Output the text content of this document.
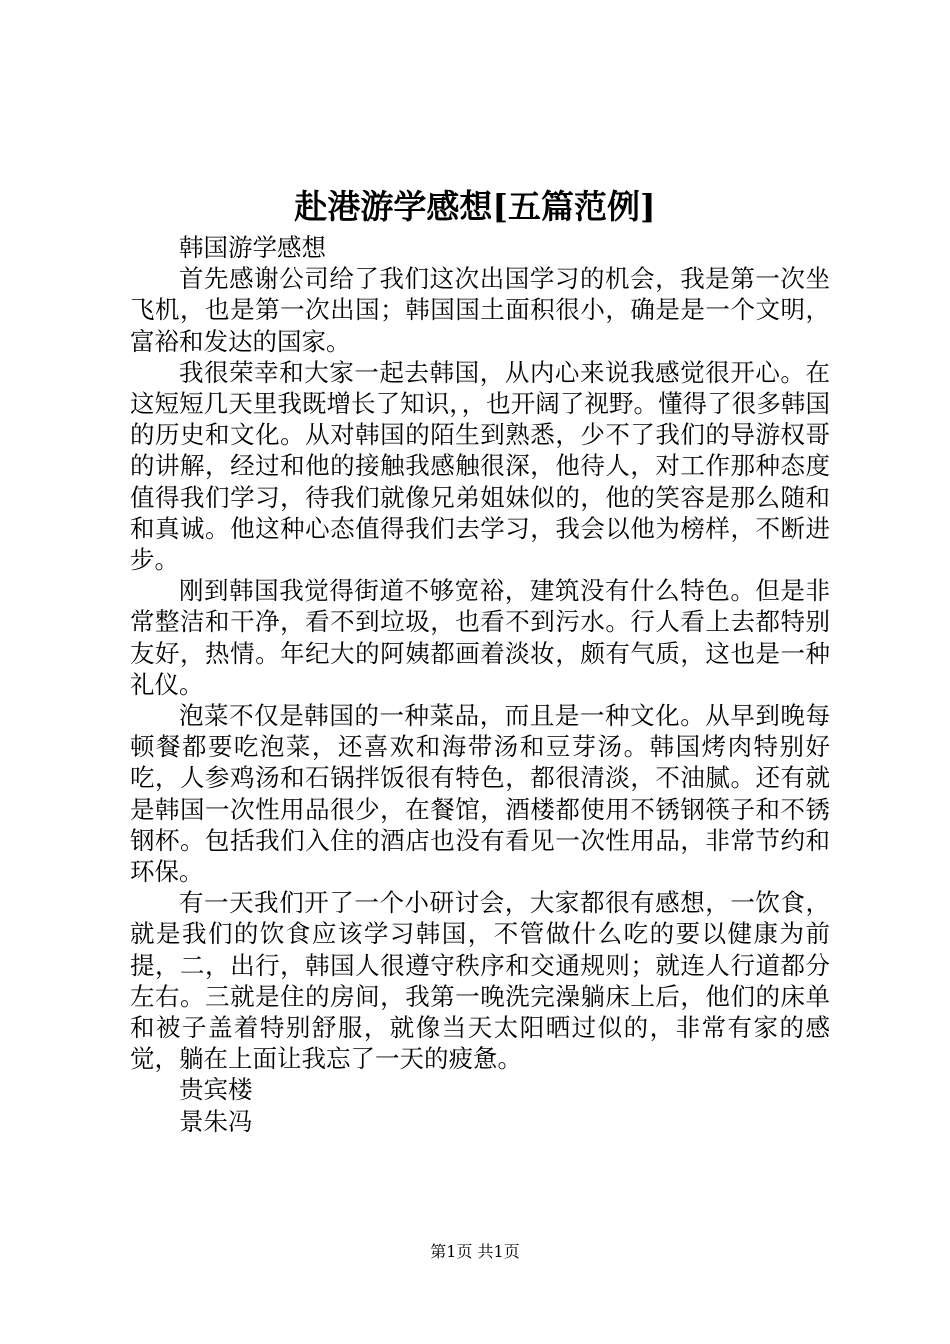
赴港游学感想[五篇范例]

韩国游学感想

首先感谢公司给了我们这次出国学习的机会，我是第一次坐飞机，也是第一次出国；韩国国土面积很小，确是是一个文明，富裕和发达的国家。

我很荣幸和大家一起去韩国，从内心来说我感觉很开心。在这短短几天里我既增长了知识，，也开阔了视野。懂得了很多韩国的历史和文化。从对韩国的陌生到熟悉，少不了我们的导游权哥的讲解，经过和他的接触我感触很深，他待人，对工作那种态度值得我们学习，待我们就像兄弟姐妹似的，他的笑容是那么随和和真诚。他这种心态值得我们去学习，我会以他为榜样，不断进步。

刚到韩国我觉得街道不够宽裕，建筑没有什么特色。但是非常整洁和干净，看不到垃圾，也看不到污水。行人看上去都特别友好，热情。年纪大的阿姨都画着淡妆，颇有气质，这也是一种礼仪。

泡菜不仅是韩国的一种菜品，而且是一种文化。从早到晚每顿餐都要吃泡菜，还喜欢和海带汤和豆芽汤。韩国烤肉特别好吃，人参鸡汤和石锅拌饭很有特色，都很清淡，不油腻。还有就是韩国一次性用品很少，在餐馆，酒楼都使用不锈钢筷子和不锈钢杯。包括我们入住的酒店也没有看见一次性用品，非常节约和环保。

有一天我们开了一个小研讨会，大家都很有感想，一饮食，就是我们的饮食应该学习韩国，不管做什么吃的要以健康为前提，二，出行，韩国人很遵守秩序和交通规则；就连人行道都分左右。三就是住的房间，我第一晚洗完澡躺床上后，他们的床单和被子盖着特别舒服，就像当天太阳晒过似的，非常有家的感觉，躺在上面让我忘了一天的疲惫。

贵宾楼

景朱冯

第1页 共1页
